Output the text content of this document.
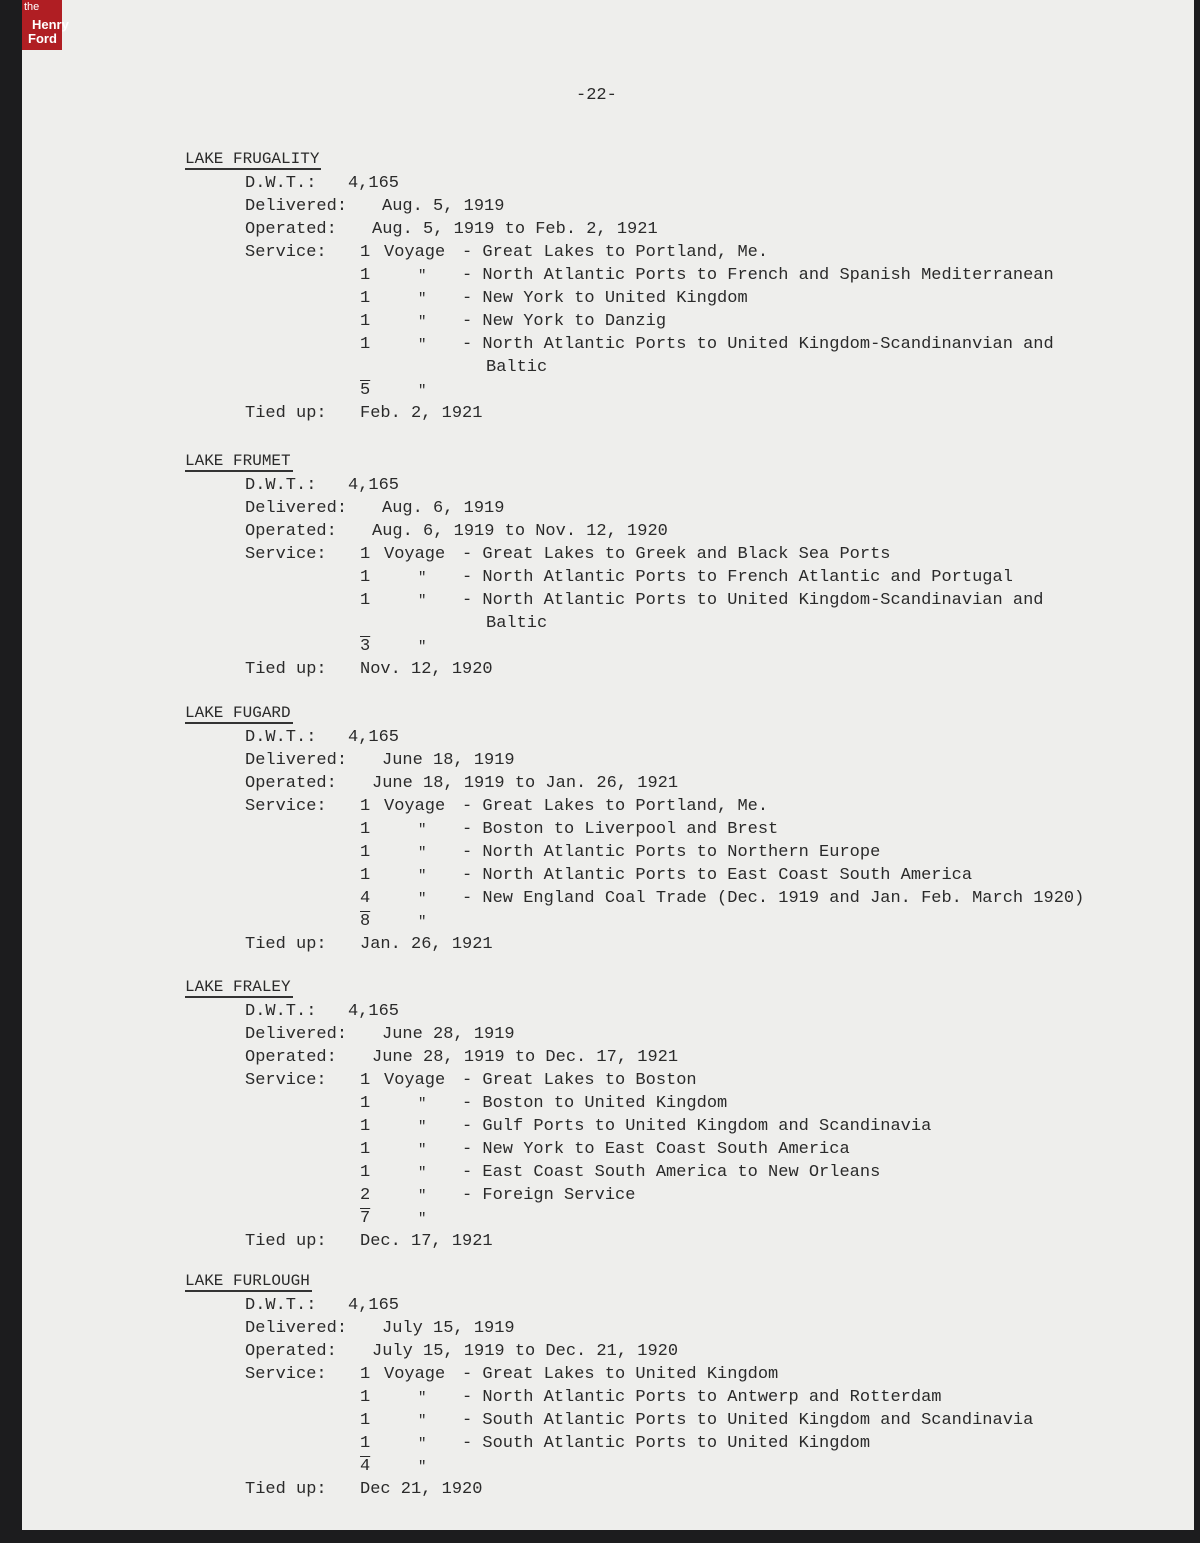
the
Henry
Ford
-22-
LAKE FRUGALITY
D.W.T.: 4,165
Delivered: Aug. 5, 1919
Operated: Aug. 5, 1919 to Feb. 2, 1921
Service: 1 Voyage - Great Lakes to Portland, Me.
1	" - North Atlantic Ports to French and Spanish Mediterranean
1	" - New York to United Kingdom
1	" - New York to Danzig
1	" - North Atlantic Ports to United Kingdom-Scandinanvian and
Baltic
5	"
Tied up: Feb. 2, 1921
LAKE FRUMET
D.W.T.: 4,165
Delivered: Aug. 6, 1919
Operated: Aug. 6, 1919 to Nov. 12, 1920
Service: 1 Voyage - Great Lakes to Greek and Black Sea Ports
1	" - North Atlantic Ports to French Atlantic and Portugal
1	" - North Atlantic Ports to United Kingdom-Scandinavian and
Baltic
3	"
Tied up: Nov. 12, 1920
LAKE FUGARD
D.W.T.: 4,165
Delivered: June 18, 1919
Operated: June 18, 1919 to Jan. 26, 1921
Service: 1 Voyage - Great Lakes to Portland, Me.
1	" - Boston to Liverpool and Brest
1	" - North Atlantic Ports to Northern Europe
1	" - North Atlantic Ports to East Coast South America
4	" - New England Coal Trade (Dec. 1919 and Jan. Feb. March 1920)
8	"
Tied up: Jan. 26, 1921
LAKE FRALEY
D.W.T.: 4,165
Delivered: June 28, 1919
Operated: June 28, 1919 to Dec. 17, 1921
Service: 1 Voyage - Great Lakes to Boston
1	" - Boston to United Kingdom
1	" - Gulf Ports to United Kingdom and Scandinavia
1	" - New York to East Coast South America
1	" - East Coast South America to New Orleans
2	" - Foreign Service
7	"
Tied up: Dec. 17, 1921
LAKE FURLOUGH
D.W.T.: 4,165
Delivered: July 15, 1919
Operated: July 15, 1919 to Dec. 21, 1920
Service: 1 Voyage - Great Lakes to United Kingdom
1	" - North Atlantic Ports to Antwerp and Rotterdam
1	" - South Atlantic Ports to United Kingdom and Scandinavia
1	" - South Atlantic Ports to United Kingdom
4	"
Tied up: Dec 21, 1920
